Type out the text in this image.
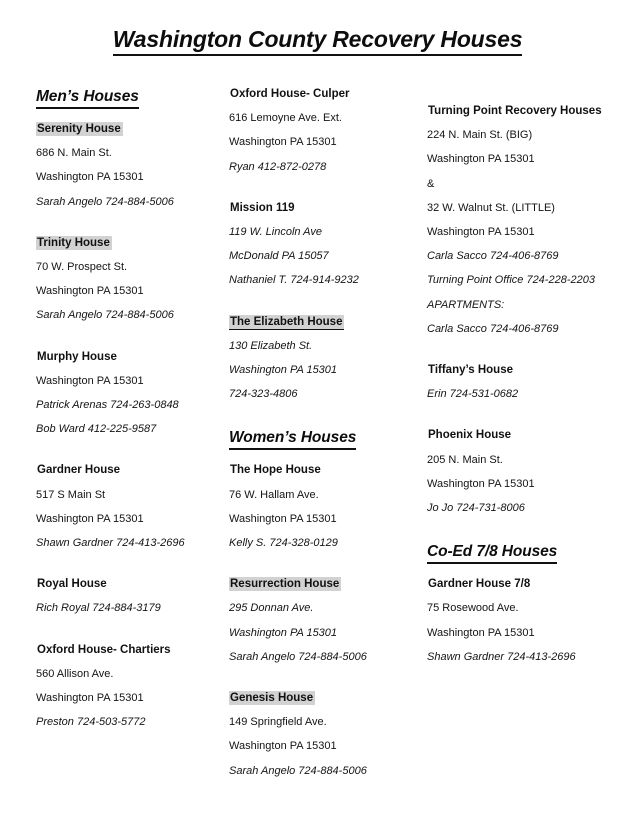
Washington County Recovery Houses
Men’s Houses
Serenity House
686 N. Main St.
Washington PA 15301
Sarah Angelo 724-884-5006
Trinity House
70 W. Prospect St.
Washington PA 15301
Sarah Angelo 724-884-5006
Murphy House
Washington PA 15301
Patrick Arenas 724-263-0848
Bob Ward 412-225-9587
Gardner House
517 S Main St
Washington PA 15301
Shawn Gardner 724-413-2696
Royal House
Rich Royal 724-884-3179
Oxford House- Chartiers
560 Allison Ave.
Washington PA 15301
Preston 724-503-5772
Oxford House- Culper
616 Lemoyne Ave. Ext.
Washington PA 15301
Ryan 412-872-0278
Mission 119
119 W. Lincoln Ave
McDonald PA 15057
Nathaniel T. 724-914-9232
The Elizabeth House
130 Elizabeth St.
Washington PA 15301
724-323-4806
Women’s Houses
The Hope House
76 W. Hallam Ave.
Washington PA 15301
Kelly S. 724-328-0129
Resurrection House
295 Donnan Ave.
Washington PA 15301
Sarah Angelo 724-884-5006
Genesis House
149 Springfield Ave.
Washington PA 15301
Sarah Angelo 724-884-5006
Turning Point Recovery Houses
224 N. Main St. (BIG)
Washington PA 15301
&
32 W. Walnut St. (LITTLE)
Washington PA 15301
Carla Sacco 724-406-8769
Turning Point Office 724-228-2203
APARTMENTS:
Carla Sacco 724-406-8769
Tiffany’s House
Erin 724-531-0682
Phoenix House
205 N. Main St.
Washington PA 15301
Jo Jo 724-731-8006
Co-Ed 7/8 Houses
Gardner House 7/8
75 Rosewood Ave.
Washington PA 15301
Shawn Gardner 724-413-2696
